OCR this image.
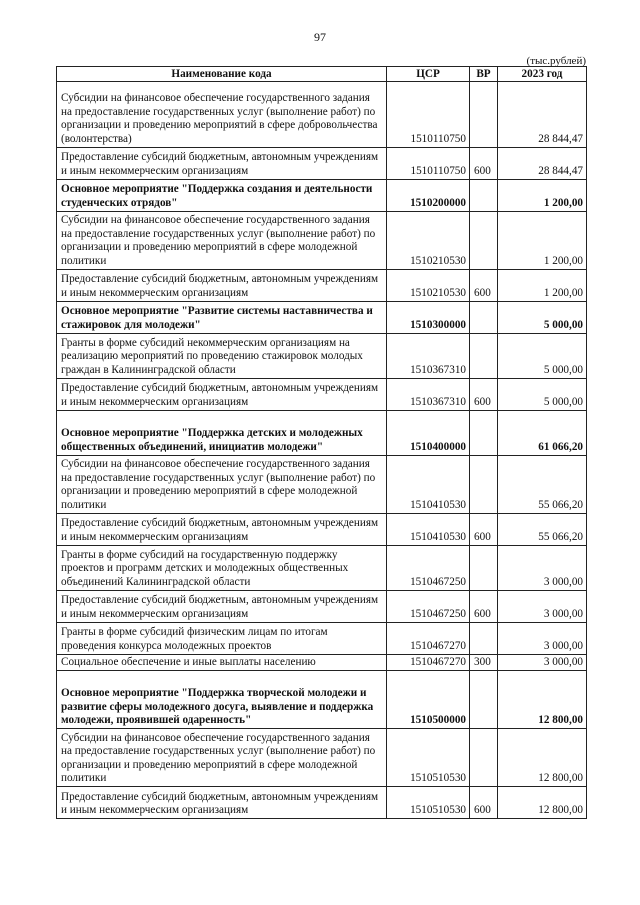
97
(тыс.рублей)
Наименование кода	ЦСР	ВР	2023 год
Субсидии на финансовое обеспечение государственного задания на предоставление государственных услуг (выполнение работ) по организации и проведению мероприятий в сфере добровольчества (волонтерства)	1510110750		28 844,47
Предоставление субсидий бюджетным, автономным учреждениям и иным некоммерческим организациям	1510110750	600	28 844,47
Основное мероприятие "Поддержка создания и деятельности студенческих отрядов"	1510200000		1 200,00
Субсидии на финансовое обеспечение государственного задания на предоставление государственных услуг (выполнение работ) по организации и проведению мероприятий в сфере молодежной политики	1510210530		1 200,00
Предоставление субсидий бюджетным, автономным учреждениям и иным некоммерческим организациям	1510210530	600	1 200,00
Основное мероприятие "Развитие системы наставничества и стажировок для молодежи"	1510300000		5 000,00
Гранты в форме субсидий некоммерческим организациям на реализацию мероприятий по проведению стажировок молодых граждан в Калининградской области	1510367310		5 000,00
Предоставление субсидий бюджетным, автономным учреждениям и иным некоммерческим организациям	1510367310	600	5 000,00
Основное мероприятие "Поддержка детских и молодежных общественных объединений, инициатив молодежи"	1510400000		61 066,20
Субсидии на финансовое обеспечение государственного задания на предоставление государственных услуг (выполнение работ) по организации и проведению мероприятий в сфере молодежной политики	1510410530		55 066,20
Предоставление субсидий бюджетным, автономным учреждениям и иным некоммерческим организациям	1510410530	600	55 066,20
Гранты в форме субсидий на государственную поддержку проектов и программ детских и молодежных общественных объединений Калининградской области	1510467250		3 000,00
Предоставление субсидий бюджетным, автономным учреждениям и иным некоммерческим организациям	1510467250	600	3 000,00
Гранты в форме субсидий физическим лицам по итогам проведения конкурса молодежных проектов	1510467270		3 000,00
Социальное обеспечение и иные выплаты населению	1510467270	300	3 000,00
Основное мероприятие "Поддержка творческой молодежи и развитие сферы молодежного досуга, выявление и поддержка молодежи, проявившей одаренность"	1510500000		12 800,00
Субсидии на финансовое обеспечение государственного задания на предоставление государственных услуг (выполнение работ) по организации и проведению мероприятий в сфере молодежной политики	1510510530		12 800,00
Предоставление субсидий бюджетным, автономным учреждениям и иным некоммерческим организациям	1510510530	600	12 800,00
